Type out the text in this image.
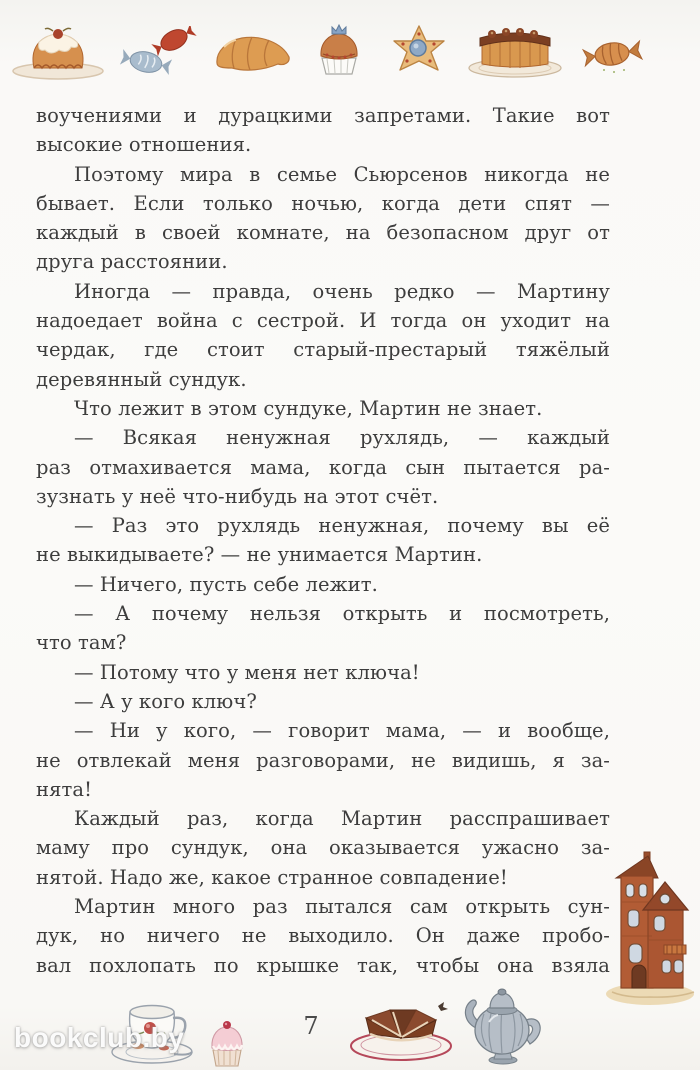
воучениями и дурацкими запретами. Такие вот
высокие отношения.
Поэтому мира в семье Сьюрсенов никогда не
бывает. Если только ночью, когда дети спят —
каждый в своей комнате, на безопасном друг от
друга расстоянии.
Иногда — правда, очень редко — Мартину
надоедает война с сестрой. И тогда он уходит на
чердак, где стоит старый-престарый тяжёлый
деревянный сундук.
Что лежит в этом сундуке, Мартин не знает.
— Всякая ненужная рухлядь, — каждый
раз отмахивается мама, когда сын пытается ра-
зузнать у неё что-нибудь на этот счёт.
— Раз это рухлядь ненужная, почему вы её
не выкидываете? — не унимается Мартин.
— Ничего, пусть себе лежит.
— А почему нельзя открыть и посмотреть,
что там?
— Потому что у меня нет ключа!
— А у кого ключ?
— Ни у кого, — говорит мама, — и вообще,
не отвлекай меня разговорами, не видишь, я за-
нята!
Каждый раз, когда Мартин расспрашивает
маму про сундук, она оказывается ужасно за-
нятой. Надо же, какое странное совпадение!
Мартин много раз пытался сам открыть сун-
дук, но ничего не выходило. Он даже пробо-
вал похлопать по крышке так, чтобы она взяла
7
bookclub.by
